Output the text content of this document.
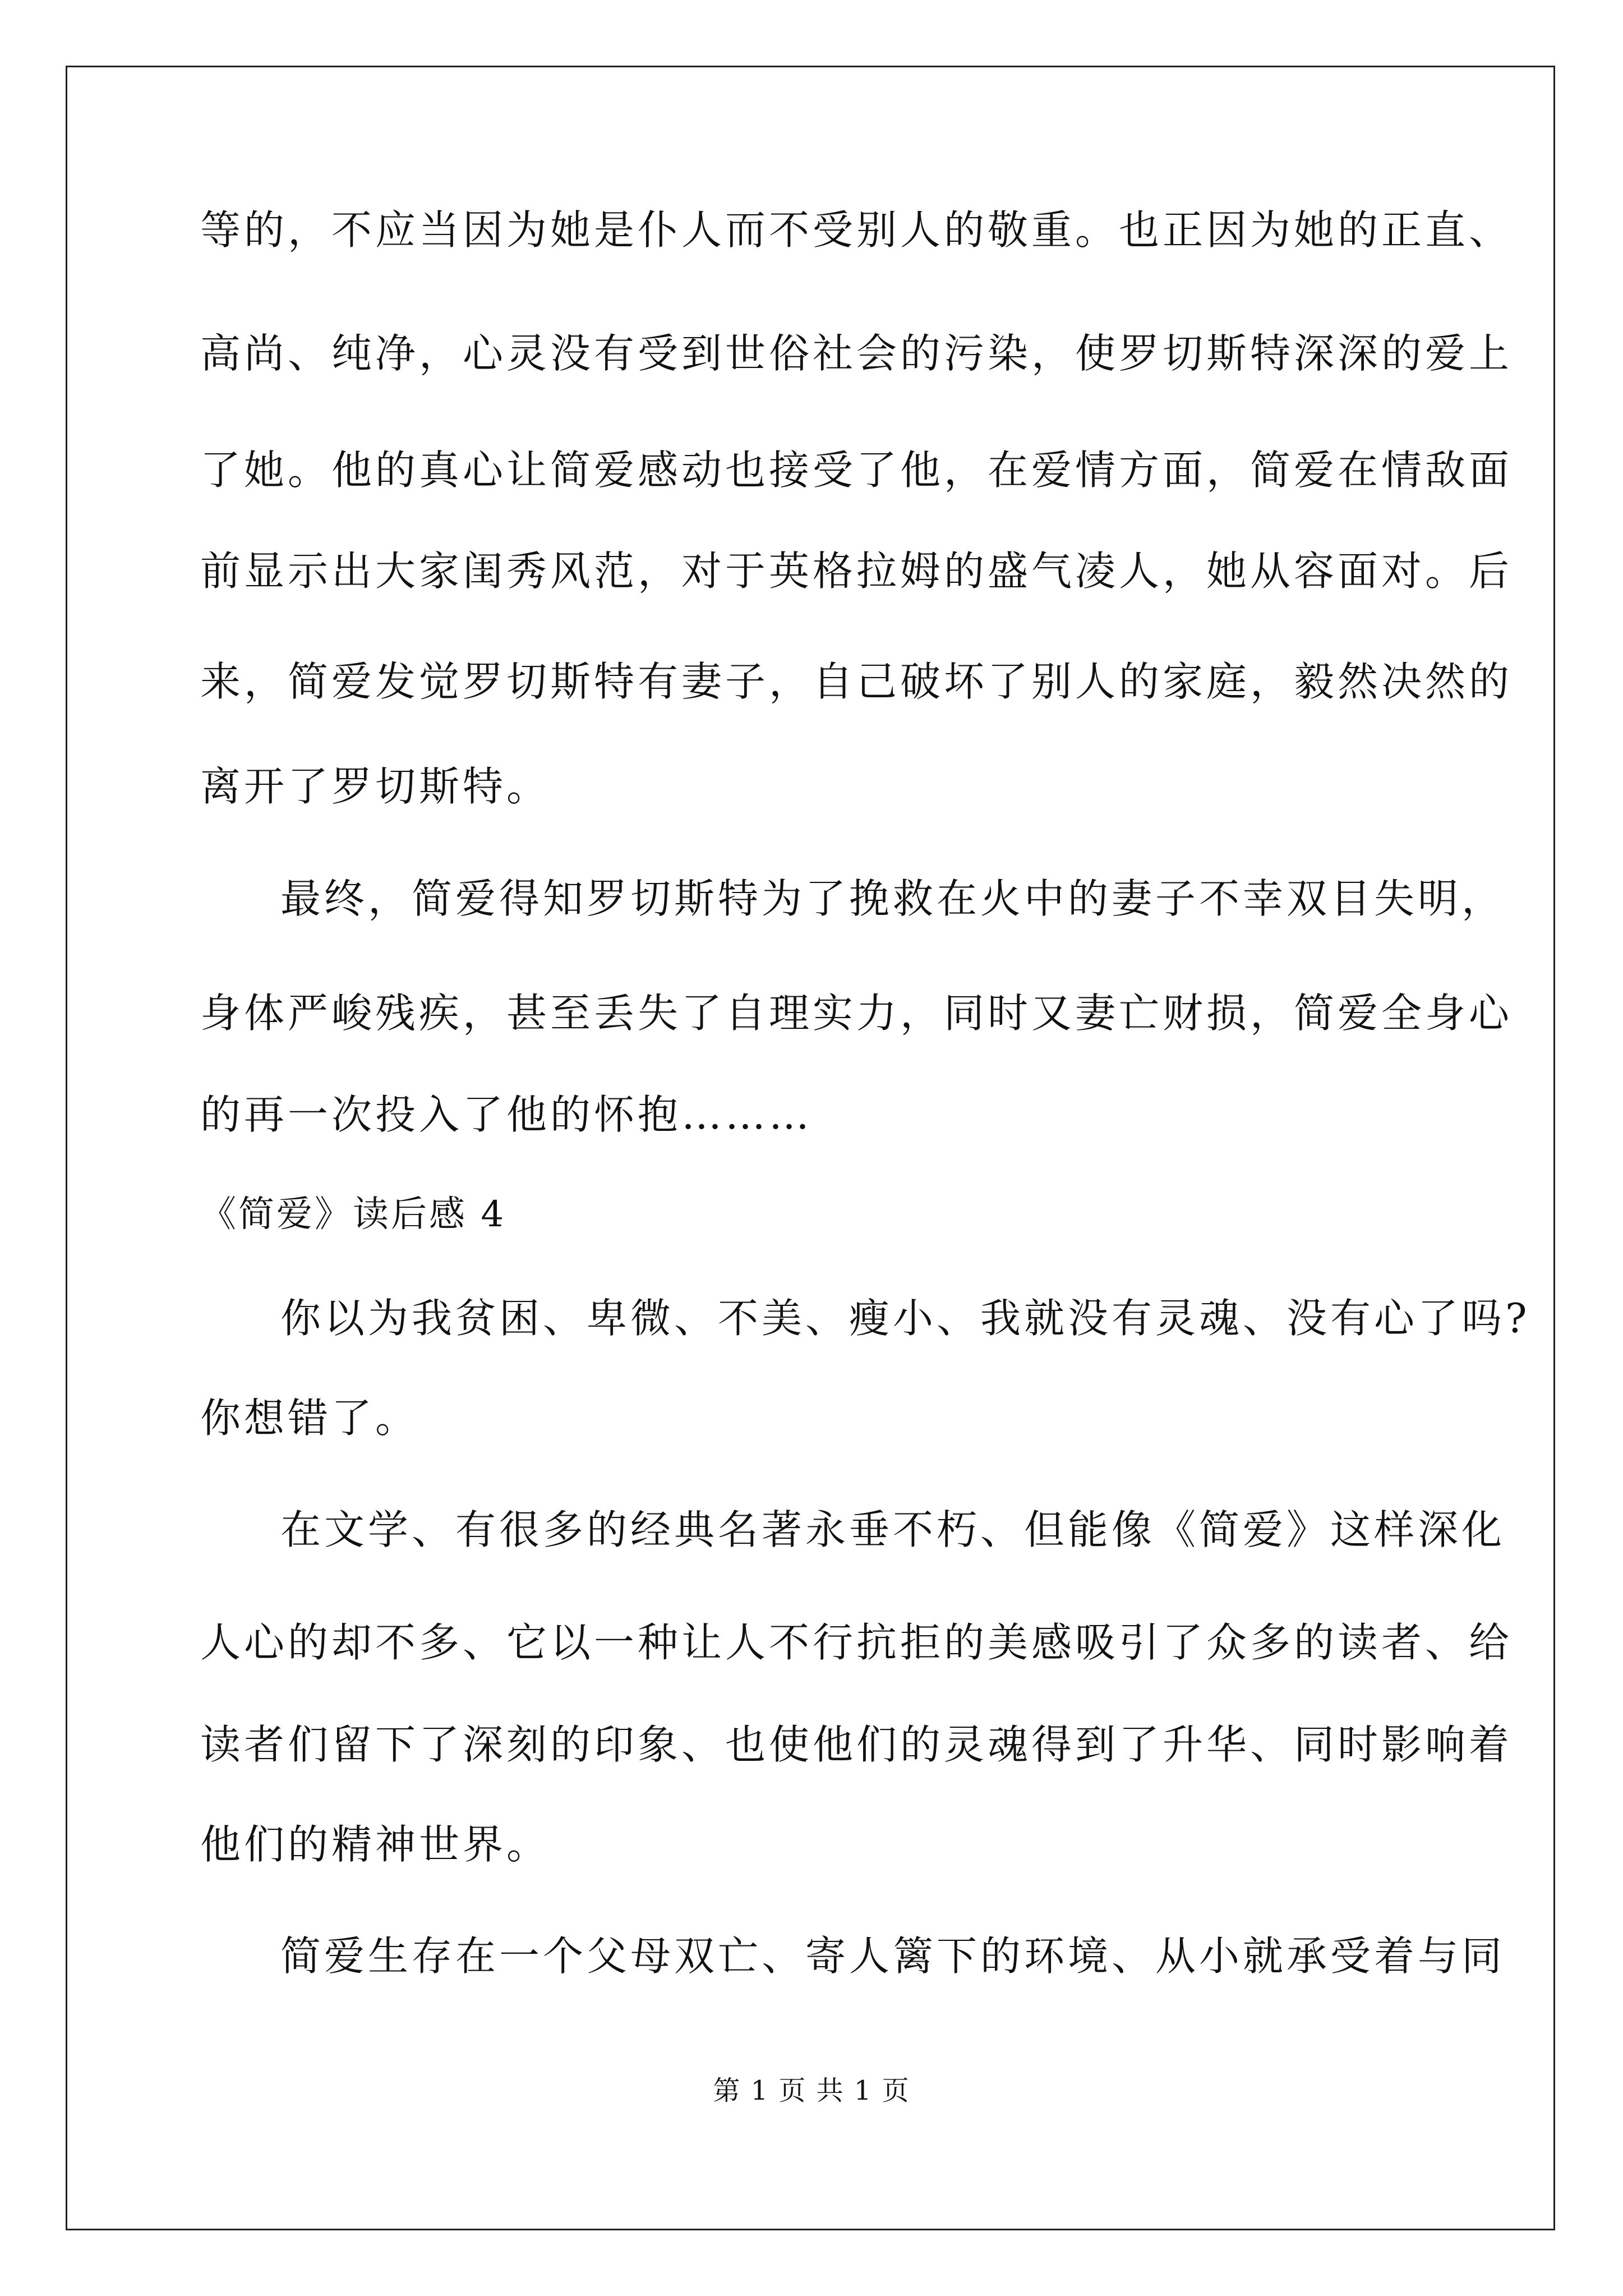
等的，不应当因为她是仆人而不受别人的敬重。也正因为她的正直、
高尚、纯净，心灵没有受到世俗社会的污染，使罗切斯特深深的爱上
了她。他的真心让简爱感动也接受了他，在爱情方面，简爱在情敌面
前显示出大家闺秀风范，对于英格拉姆的盛气凌人，她从容面对。后
来，简爱发觉罗切斯特有妻子，自己破坏了别人的家庭，毅然决然的
离开了罗切斯特。
最终，简爱得知罗切斯特为了挽救在火中的妻子不幸双目失明，
身体严峻残疾，甚至丢失了自理实力，同时又妻亡财损，简爱全身心
的再一次投入了他的怀抱………
《简爱》读后感 4
你以为我贫困、卑微、不美、瘦小、我就没有灵魂、没有心了吗?
你想错了。
在文学、有很多的经典名著永垂不朽、但能像《简爱》这样深化
人心的却不多、它以一种让人不行抗拒的美感吸引了众多的读者、给
读者们留下了深刻的印象、也使他们的灵魂得到了升华、同时影响着
他们的精神世界。
简爱生存在一个父母双亡、寄人篱下的环境、从小就承受着与同
第 1 页 共 1 页
